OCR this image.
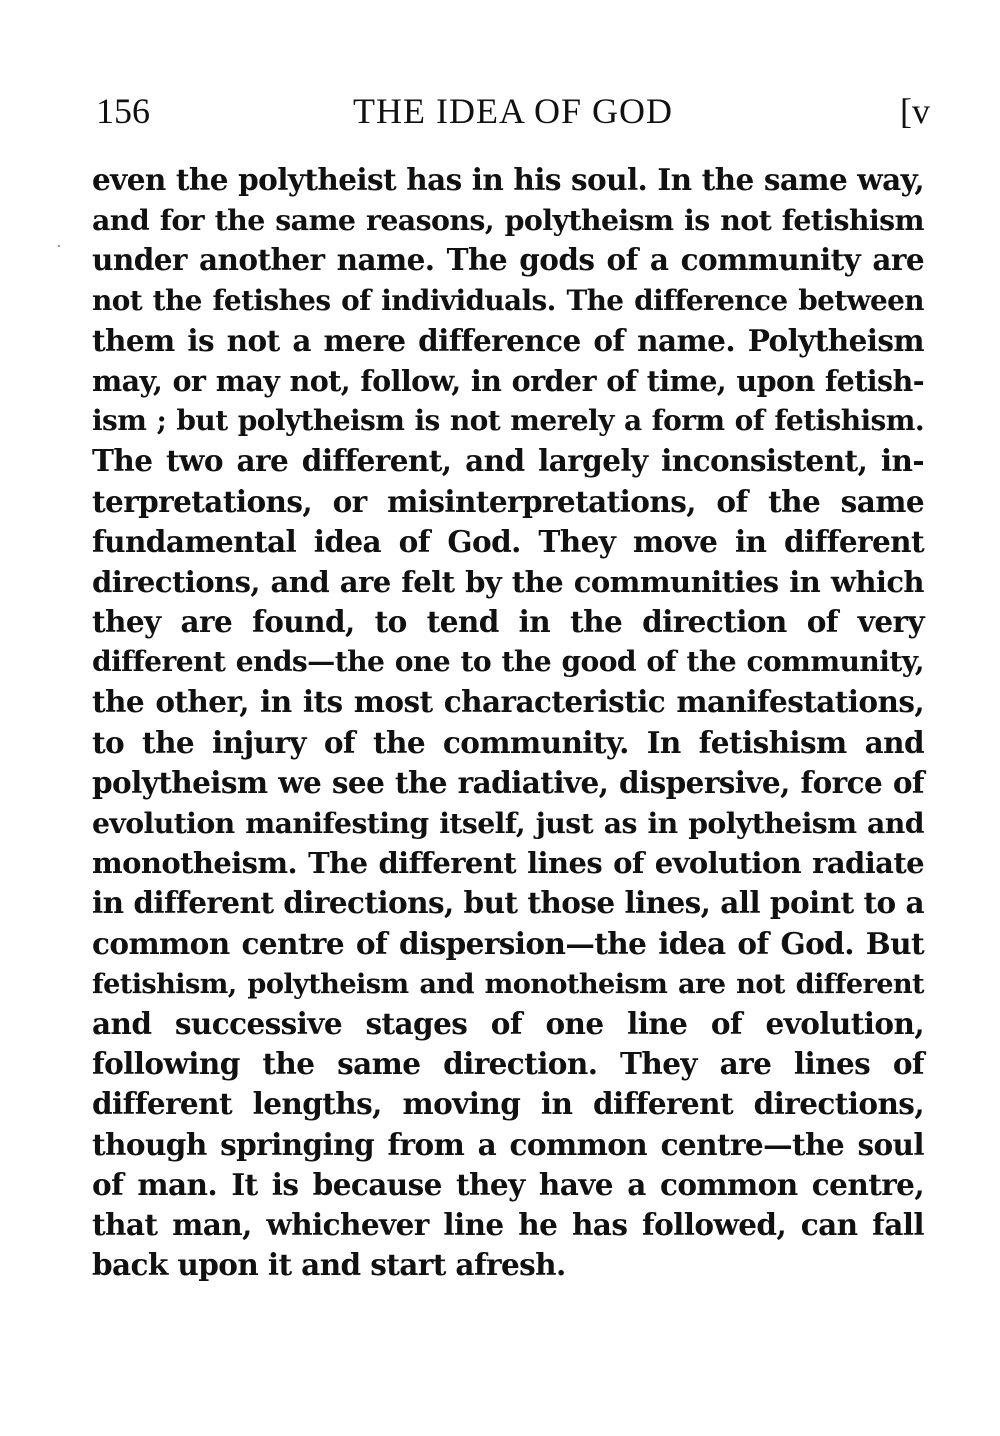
156	THE IDEA OF GOD	[v
even the polytheist has in his soul. In the same way,
and for the same reasons, polytheism is not fetishism
under another name. The gods of a community are
not the fetishes of individuals. The difference between
them is not a mere difference of name. Polytheism
may, or may not, follow, in order of time, upon fetish-
ism ; but polytheism is not merely a form of fetishism.
The two are different, and largely inconsistent, in-
terpretations, or misinterpretations, of the same
fundamental idea of God. They move in different
directions, and are felt by the communities in which
they are found, to tend in the direction of very
different ends—the one to the good of the community,
the other, in its most characteristic manifestations,
to the injury of the community. In fetishism and
polytheism we see the radiative, dispersive, force of
evolution manifesting itself, just as in polytheism and
monotheism. The different lines of evolution radiate
in different directions, but those lines, all point to a
common centre of dispersion—the idea of God. But
fetishism, polytheism and monotheism are not different
and successive stages of one line of evolution,
following the same direction. They are lines of
different lengths, moving in different directions,
though springing from a common centre—the soul
of man. It is because they have a common centre,
that man, whichever line he has followed, can fall
back upon it and start afresh.
